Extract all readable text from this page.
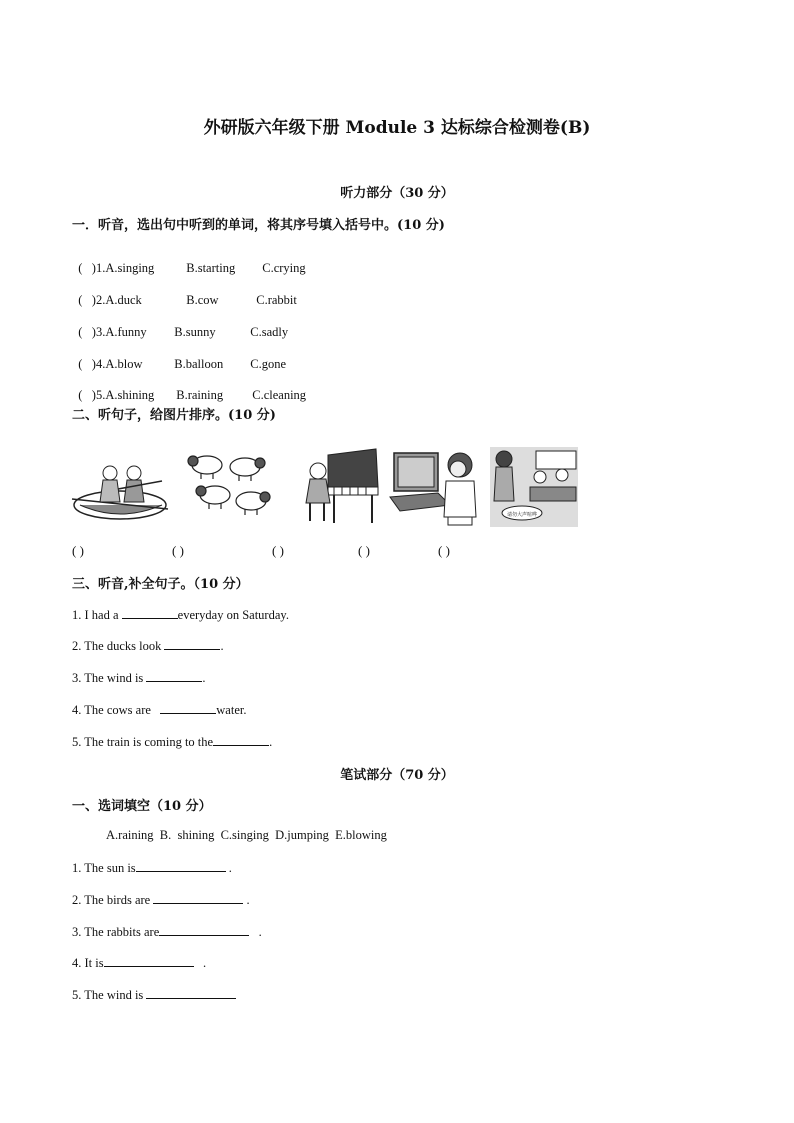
外研版六年级下册 Module 3 达标综合检测卷(B)
听力部分（30 分）
一．听音，选出句中听到的单词，将其序号填入括号中。(10 分)

(   )1.A.singing	B.starting C.crying

(   )2.A.duck	B.cow	C.rabbit

(   )3.A.funny B.sunny	C.sadly

(   )4.A.blow	B.balloon C.gone

(   )5.A.shining B.raining C.cleaning

二、听句子，给图片排序。(10 分)
请勿大声喧哗
( )	( )	( )	( )	( )
三、听音,补全句子。（10 分）
1. I had a	everyday on Saturday.
2. The ducks look	.
3. The wind is	.
4. The cows are	water.
5. The train is coming to the	.
笔试部分（70 分）
一、选词填空（10 分）
A.raining  B.  shining  C.singing  D.jumping  E.blowing
1. The sun is	.
2. The birds are	.
3. The rabbits are	.
4. It is	.
5. The wind is
